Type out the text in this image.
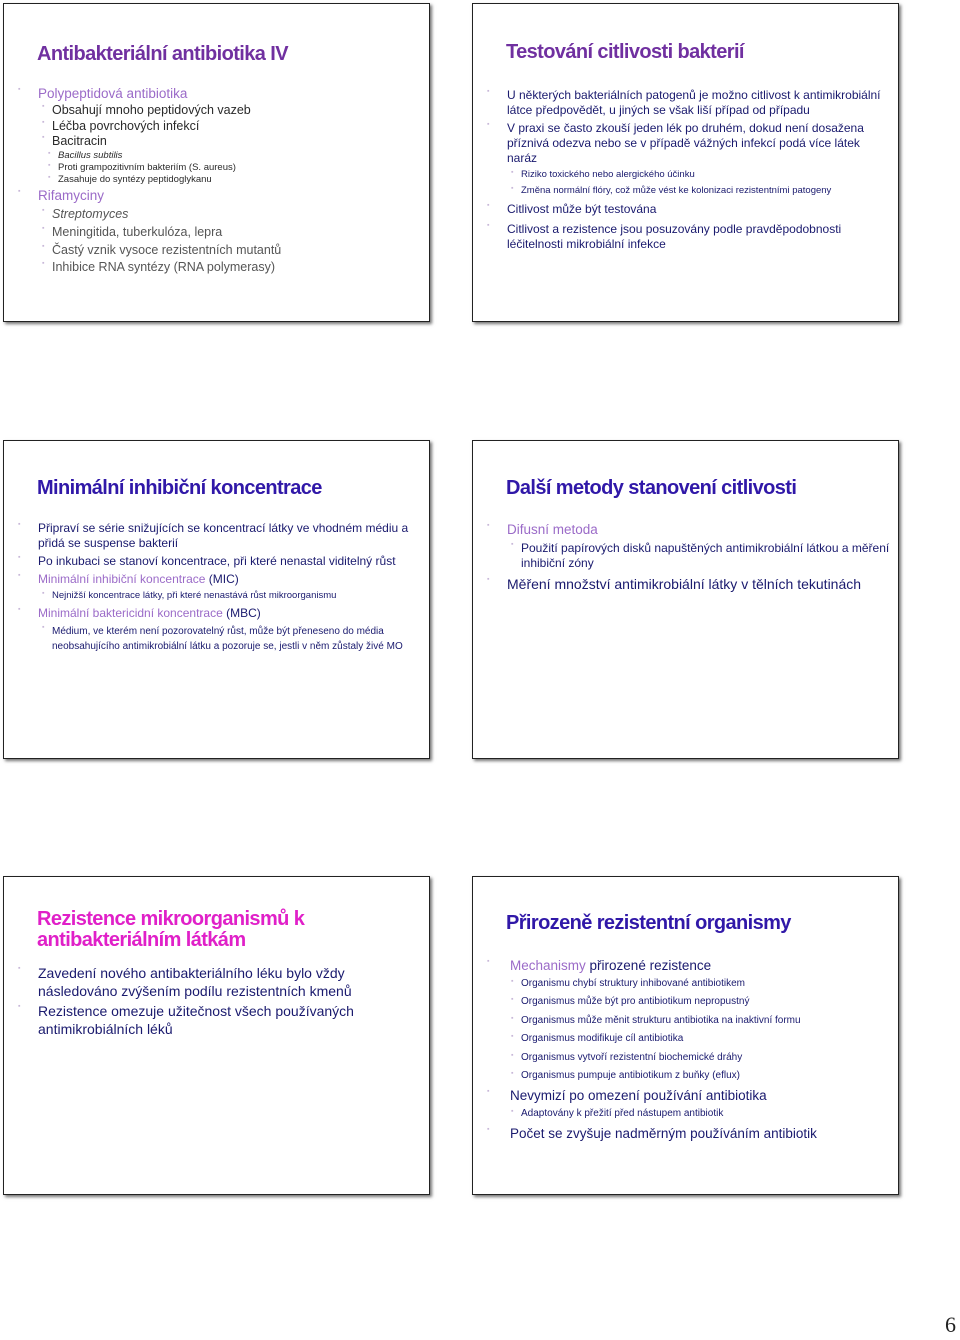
Antibakteriální antibiotika IV

▪ Polypeptidová antibiotika

▪ Obsahují mnoho peptidových vazeb

▪ Léčba povrchových infekcí

▪ Bacitracin

▪ Bacillus subtilis

▪ Proti grampozitivním bakteriím (S. aureus)

▪ Zasahuje do syntézy peptidoglykanu

▪ Rifamyciny

▪ Streptomyces

▪ Meningitida, tuberkulóza, lepra

▪ Častý vznik vysoce rezistentních mutantů

▪ Inhibice RNA syntézy (RNA polymerasy)

Testování citlivosti bakterií

▪ U některých bakteriálních patogenů je možno citlivost k antimikrobiální látce předpovědět, u jiných se však liší případ od případu

▪ V praxi se často zkouší jeden lék po druhém, dokud není dosažena příznivá odezva nebo se v případě vážných infekcí podá více látek naráz

▪ Riziko toxického nebo alergického účinku

▪ Změna normální flóry, což může vést ke kolonizaci rezistentními patogeny

▪ Citlivost může být testována

▪ Citlivost a rezistence jsou posuzovány podle pravděpodobnosti léčitelnosti mikrobiální infekce

Minimální inhibiční koncentrace

▪ Připraví se série snižujících se koncentrací látky ve vhodném médiu a přidá se suspense bakterií

▪ Po inkubaci se stanoví koncentrace, při které nenastal viditelný růst

▪ Minimální inhibiční koncentrace (MIC)

▪ Nejnižší koncentrace látky, při které nenastává růst mikroorganismu

▪ Minimální baktericidní koncentrace (MBC)

▪ Médium, ve kterém není pozorovatelný růst, může být přeneseno do média neobsahujícího antimikrobiální látku a pozoruje se, jestli v něm zůstaly živé MO

Další metody stanovení citlivosti

▪ Difusní metoda

▪ Použití papírových disků napuštěných antimikrobiální látkou a měření inhibiční zóny

▪ Měření množství antimikrobiální látky v tělních tekutinách

Rezistence mikroorganismů k antibakteriálním látkám

▪ Zavedení nového antibakteriálního léku bylo vždy následováno zvýšením podílu rezistentních kmenů

▪ Rezistence omezuje užitečnost všech používaných antimikrobiálních léků

Přirozeně rezistentní organismy

▪ Mechanismy přirozené rezistence

▪ Organismu chybí struktury inhibované antibiotikem

▪ Organismus může být pro antibiotikum nepropustný

▪ Organismus může měnit strukturu antibiotika na inaktivní formu

▪ Organismus modifikuje cíl antibiotika

▪ Organismus vytvoří rezistentní biochemické dráhy

▪ Organismus pumpuje antibiotikum z buňky (eflux)

▪ Nevymizí po omezení používání antibiotika

▪ Adaptovány k přežití před nástupem antibiotik

▪ Počet se zvyšuje nadměrným používáním antibiotik

6
